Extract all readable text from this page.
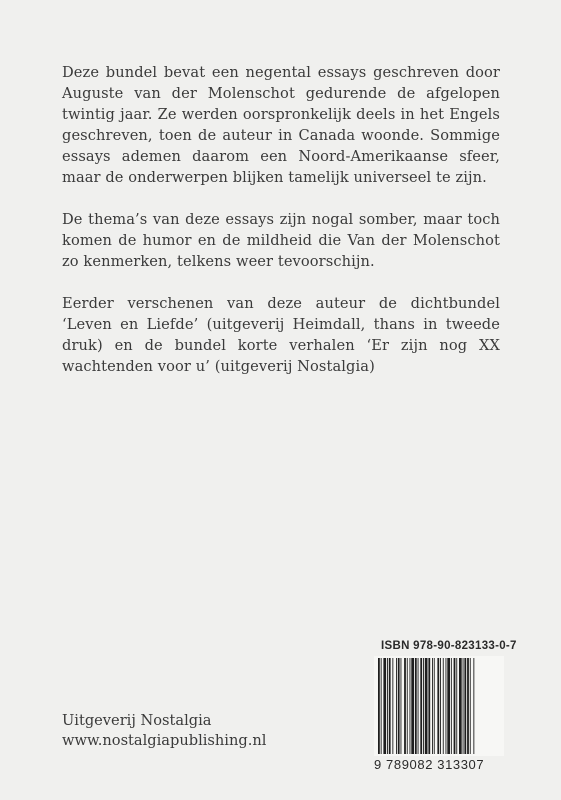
Deze bundel bevat een negental essays geschreven door Auguste van der Molenschot gedurende de afgelopen twintig jaar. Ze werden oorspronkelijk deels in het Engels geschreven, toen de auteur in Canada woonde. Sommige essays ademen daarom een Noord-Amerikaanse sfeer, maar de onderwerpen blijken tamelijk universeel te zijn.

De thema’s van deze essays zijn nogal somber, maar toch komen de humor en de mildheid die Van der Molenschot zo kenmerken, telkens weer tevoorschijn.

Eerder verschenen van deze auteur de dichtbundel ‘Leven en Liefde’ (uitgeverij Heimdall, thans in tweede druk) en de bundel korte verhalen ‘Er zijn nog XX wachtenden voor u’ (uitgeverij Nostalgia)

Uitgeverij Nostalgia
www.nostalgiapublishing.nl
ISBN 978-90-823133-0-7
9 789082 313307
